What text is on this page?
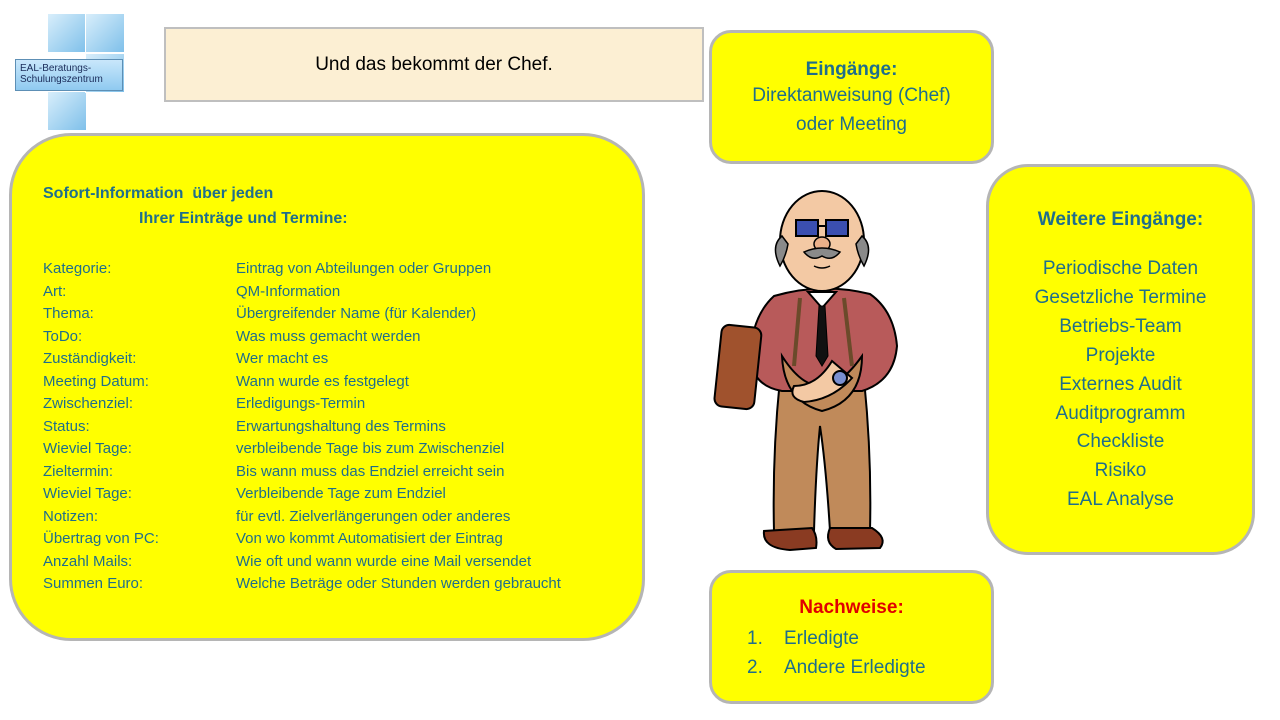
EAL-Beratungs-
Schulungszentrum
Und das bekommt der Chef.
Sofort-Information  über jeden
Ihrer Einträge und Termine:
Kategorie:	Eintrag von Abteilungen oder Gruppen
Art:	QM-Information
Thema:	Übergreifender Name (für Kalender)
ToDo:	Was muss gemacht werden
Zuständigkeit:	Wer macht es
Meeting Datum:	Wann wurde es festgelegt
Zwischenziel:	Erledigungs-Termin
Status:	Erwartungshaltung des Termins
Wieviel Tage:	verbleibende Tage bis zum Zwischenziel
Zieltermin:	Bis wann muss das Endziel erreicht sein
Wieviel Tage:	Verbleibende Tage zum Endziel
Notizen:	für evtl. Zielverlängerungen oder anderes
Übertrag von PC:	Von wo kommt Automatisiert der Eintrag
Anzahl Mails:	Wie oft und wann wurde eine Mail versendet
Summen Euro:	Welche Beträge oder Stunden werden gebraucht
Eingänge:
Direktanweisung (Chef)
oder Meeting
Weitere Eingänge:
Periodische Daten
Gesetzliche Termine
Betriebs-Team
Projekte
Externes Audit
Auditprogramm
Checkliste
Risiko
EAL Analyse
Nachweise:
1. Erledigte
2. Andere Erledigte
